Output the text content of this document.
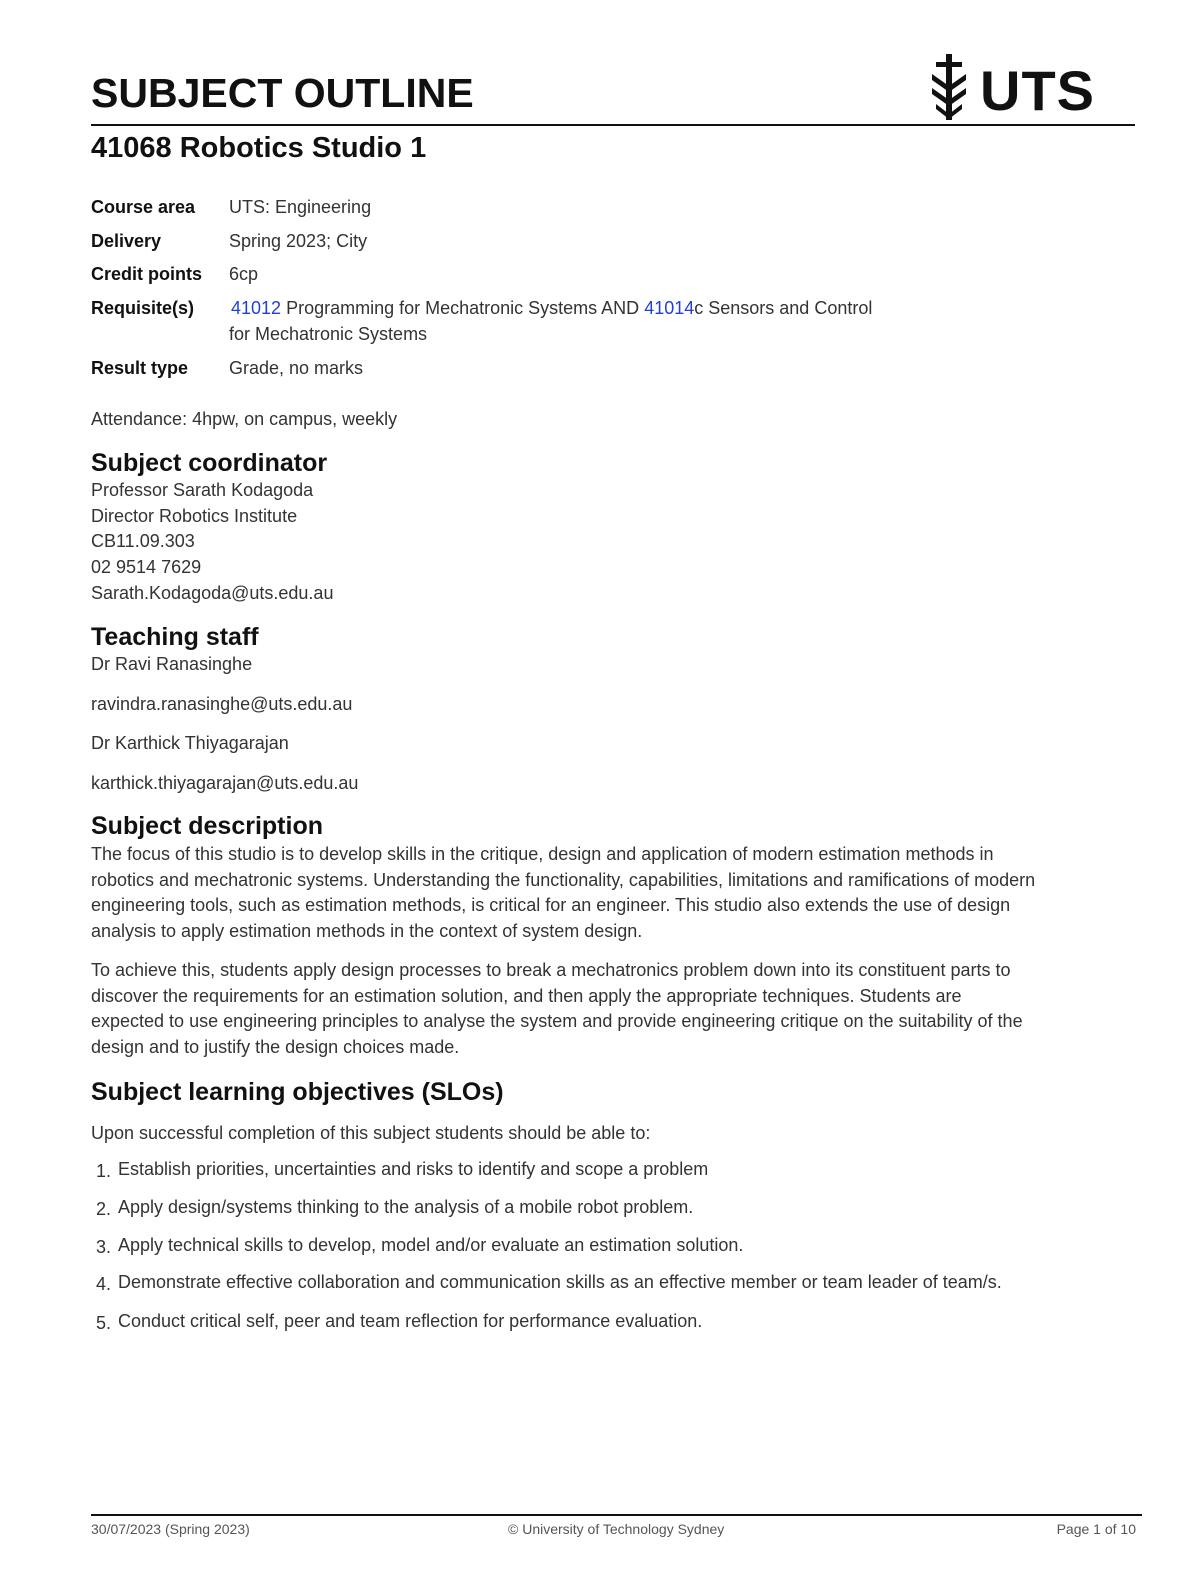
SUBJECT OUTLINE	UTS
41068 Robotics Studio 1
Course area UTS: Engineering
Delivery	Spring 2023; City
Credit points 6cp
Requisite(s) 41012 Programming for Mechatronic Systems AND 41014c Sensors and Control
for Mechatronic Systems
Result type Grade, no marks
Attendance: 4hpw, on campus, weekly
Subject coordinator
Professor Sarath Kodagoda
Director Robotics Institute
CB11.09.303
02 9514 7629
Sarath.Kodagoda@uts.edu.au
Teaching staff
Dr Ravi Ranasinghe
ravindra.ranasinghe@uts.edu.au
Dr Karthick Thiyagarajan
karthick.thiyagarajan@uts.edu.au
Subject description
The focus of this studio is to develop skills in the critique, design and application of modern estimation methods in
robotics and mechatronic systems. Understanding the functionality, capabilities, limitations and ramifications of modern
engineering tools, such as estimation methods, is critical for an engineer. This studio also extends the use of design
analysis to apply estimation methods in the context of system design.
To achieve this, students apply design processes to break a mechatronics problem down into its constituent parts to
discover the requirements for an estimation solution, and then apply the appropriate techniques. Students are
expected to use engineering principles to analyse the system and provide engineering critique on the suitability of the
design and to justify the design choices made.
Subject learning objectives (SLOs)
Upon successful completion of this subject students should be able to:
1. Establish priorities, uncertainties and risks to identify and scope a problem
2. Apply design/systems thinking to the analysis of a mobile robot problem.
3. Apply technical skills to develop, model and/or evaluate an estimation solution.
4. Demonstrate effective collaboration and communication skills as an effective member or team leader of team/s.
5. Conduct critical self, peer and team reflection for performance evaluation.
30/07/2023 (Spring 2023)	© University of Technology Sydney	Page 1 of 10
